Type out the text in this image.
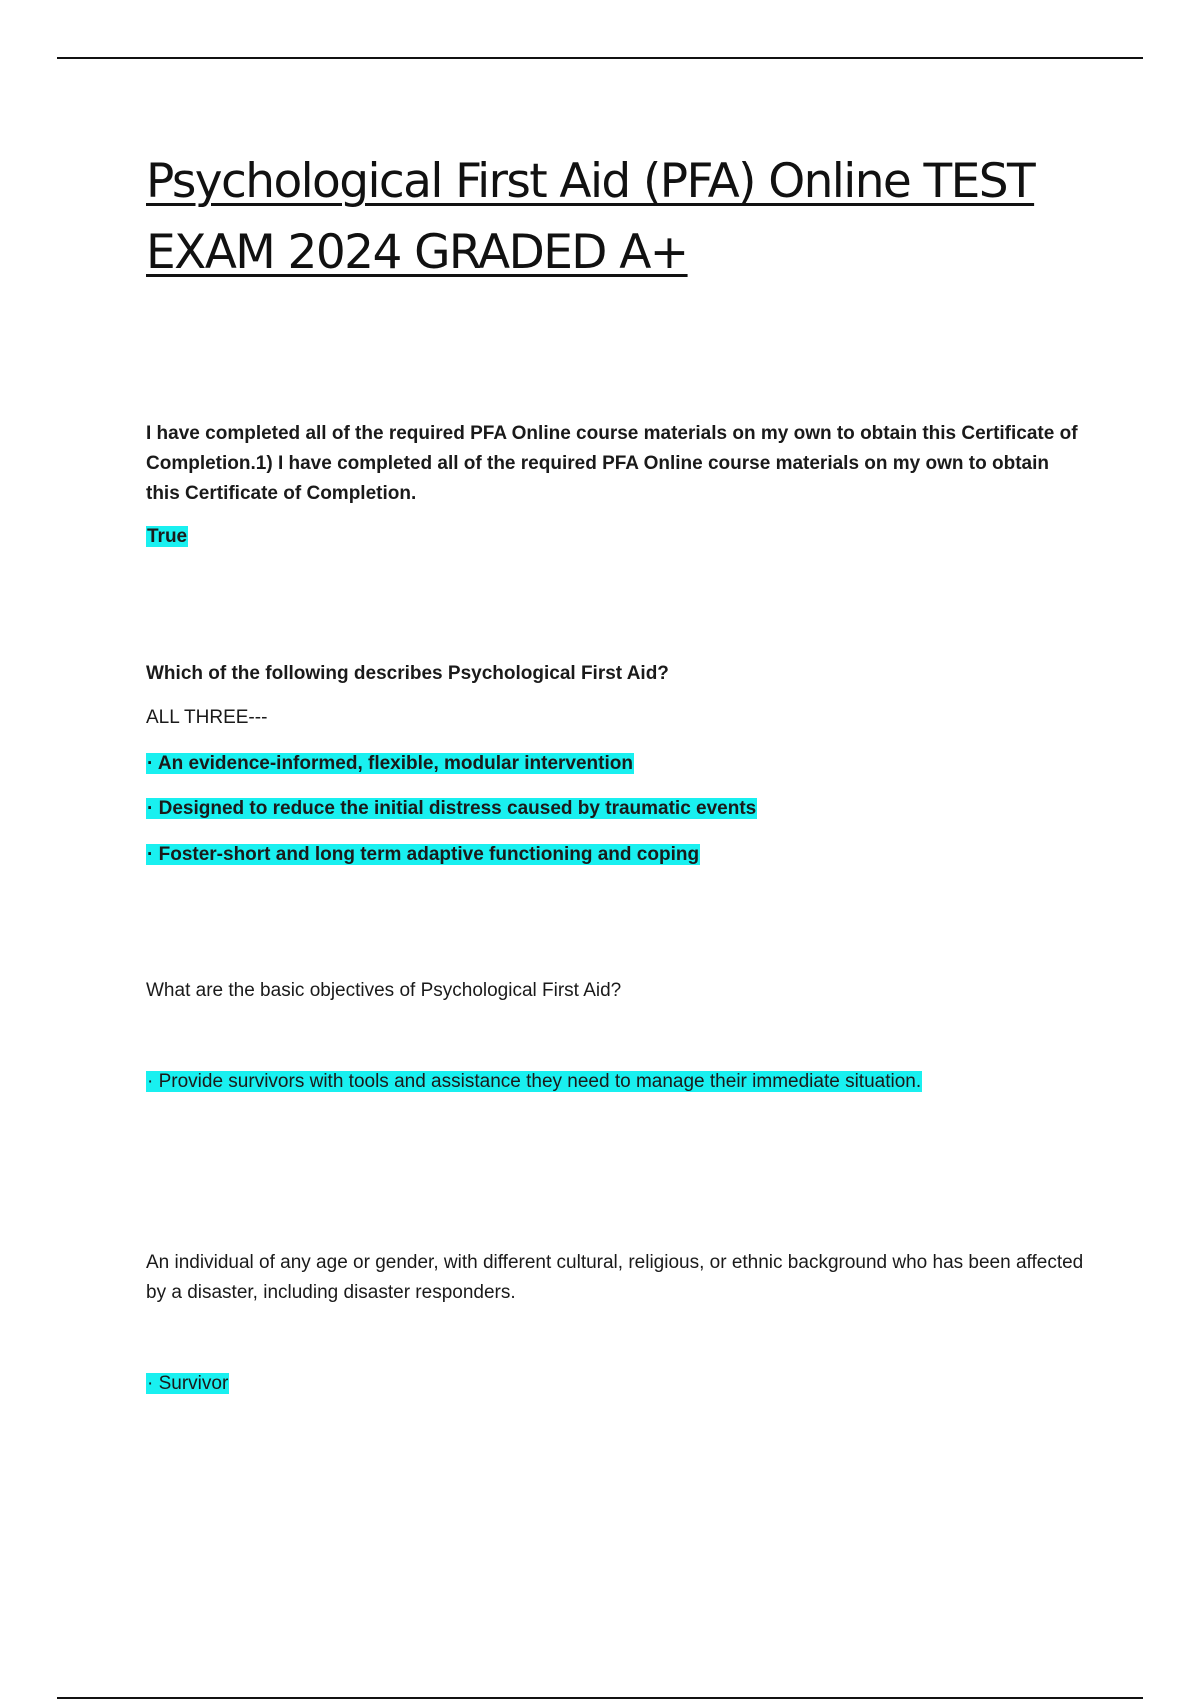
Psychological First Aid (PFA) Online TEST EXAM 2024 GRADED A+

I have completed all of the required PFA Online course materials on my own to obtain this Certificate of Completion.1) I have completed all of the required PFA Online course materials on my own to obtain this Certificate of Completion.

True

Which of the following describes Psychological First Aid?

ALL THREE---

· An evidence-informed, flexible, modular intervention

· Designed to reduce the initial distress caused by traumatic events

· Foster-short and long term adaptive functioning and coping

What are the basic objectives of Psychological First Aid?

· Provide survivors with tools and assistance they need to manage their immediate situation.

An individual of any age or gender, with different cultural, religious, or ethnic background who has been affected by a disaster, including disaster responders.

· Survivor
